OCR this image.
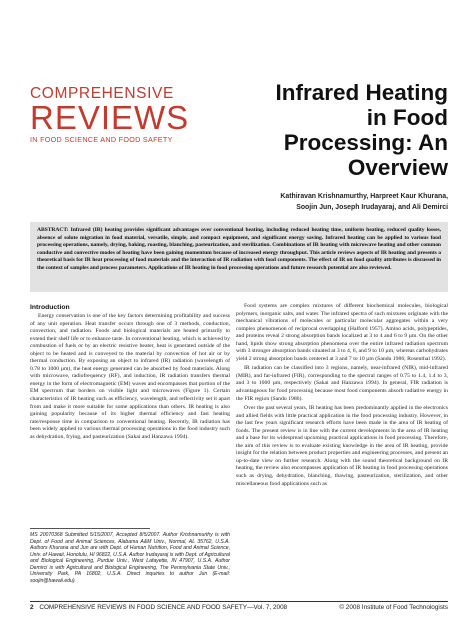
COMPREHENSIVE
REVIEWS
IN FOOD SCIENCE AND FOOD SAFETY
Infrared Heating
in Food
Processing: An
Overview
Kathiravan Krishnamurthy, Harpreet Kaur Khurana,
Soojin Jun, Joseph Irudayaraj, and Ali Demirci

ABSTRACT: Infrared (IR) heating provides significant advantages over conventional heating, including reduced heating time, uniform heating, reduced quality losses, absence of solute migration in food material, versatile, simple, and compact equipment, and significant energy saving. Infrared heating can be applied to various food processing operations, namely, drying, baking, roasting, blanching, pasteurization, and sterilization. Combinations of IR heating with microwave heating and other common conductive and convective modes of heating have been gaining momentum because of increased energy throughput. This article reviews aspects of IR heating and presents a theoretical basis for IR heat processing of food materials and the interaction of IR radiation with food components. The effect of IR on food quality attributes is discussed in the context of samples and process parameters. Applications of IR heating in food processing operations and future research potential are also reviewed.

Introduction

Energy conservation is one of the key factors determining profitability and success of any unit operation. Heat transfer occurs through one of 3 methods, conduction, convection, and radiation. Foods and biological materials are heated primarily to extend their shelf life or to enhance taste. In conventional heating, which is achieved by combustion of fuels or by an electric resistive heater, heat is generated outside of the object to be heated and is conveyed to the material by convection of hot air or by thermal conduction. By exposing an object to infrared (IR) radiation (wavelength of 0.78 to 1000 µm), the heat energy generated can be absorbed by food materials. Along with microwave, radiofrequency (RF), and induction, IR radiation transfers thermal energy in the form of electromagnetic (EM) waves and encompasses that portion of the EM spectrum that borders on visible light and microwaves (Figure 1). Certain characteristics of IR heating such as efficiency, wavelength, and reflectivity set it apart from and make it more suitable for some applications than others. IR heating is also gaining popularity because of its higher thermal efficiency and fast heating rate/response time in comparison to conventional heating. Recently, IR radiation has been widely applied to various thermal processing operations in the food industry such as dehydration, frying, and pasteurization (Sakai and Hanzawa 1994).

Food systems are complex mixtures of different biochemical molecules, biological polymers, inorganic salts, and water. The infrared spectra of such mixtures originate with the mechanical vibrations of molecules or particular molecular aggregates within a very complex phenomenon of reciprocal overlapping (Halford 1957). Amino acids, polypeptides, and proteins reveal 2 strong absorption bands localized at 3 to 4 and 6 to 9 µm. On the other hand, lipids show strong absorption phenomena over the entire infrared radiation spectrum with 3 stronger absorption bands situated at 3 to 4, 6, and 9 to 10 µm, whereas carbohydrates yield 2 strong absorption bands centered at 3 and 7 to 10 µm (Sandu 1986; Rosenthal 1992).

IR radiation can be classified into 3 regions, namely, near-infrared (NIR), mid-infrared (MIR), and far-infrared (FIR), corresponding to the spectral ranges of 0.75 to 1.4, 1.4 to 3, and 3 to 1000 µm, respectively (Sakai and Hanzawa 1994). In general, FIR radiation is advantageous for food processing because most food components absorb radiative energy in the FIR region (Sandu 1986).

Over the past several years, IR heating has been predominantly applied in the electronics and allied fields with little practical application in the food processing industry. However, in the last few years significant research efforts have been made in the area of IR heating of foods. The present review is in line with the current developments in the area of IR heating and a base for its widespread upcoming practical applications in food processing. Therefore, the aim of this review is to evaluate existing knowledge in the area of IR heating, provide insight for the relation between product properties and engineering processes, and present an up-to-date view on further research. Along with the sound theoretical background on IR heating, the review also encompasses application of IR heating in food processing operations such as drying, dehydration, blanching, thawing, pasteurization, sterilization, and other miscellaneous food applications such as

MS 20070368 Submitted 5/15/2007, Accepted 8/5/2007. Author Krishnamurthy is with Dept. of Food and Animal Sciences, Alabama A&M Univ., Normal, AL 35762, U.S.A. Authors Khurana and Jun are with Dept. of Human Nutrition, Food and Animal Science, Univ. of Hawaii, Honolulu, HI 96822, U.S.A. Author Irudayaraj is with Dept. of Agricultural and Biological Engineering, Purdue Univ., West Lafayette, IN 47907, U.S.A. Author Demirci is with Agricultural and Biological Engineering, The Pennsylvania State Univ., University Park, PA 16802, U.S.A. Direct inquiries to author Jun (E-mail: soojin@hawaii.edu).

2 COMPREHENSIVE REVIEWS IN FOOD SCIENCE AND FOOD SAFETY—Vol. 7, 2008	© 2008 Institute of Food Technologists
